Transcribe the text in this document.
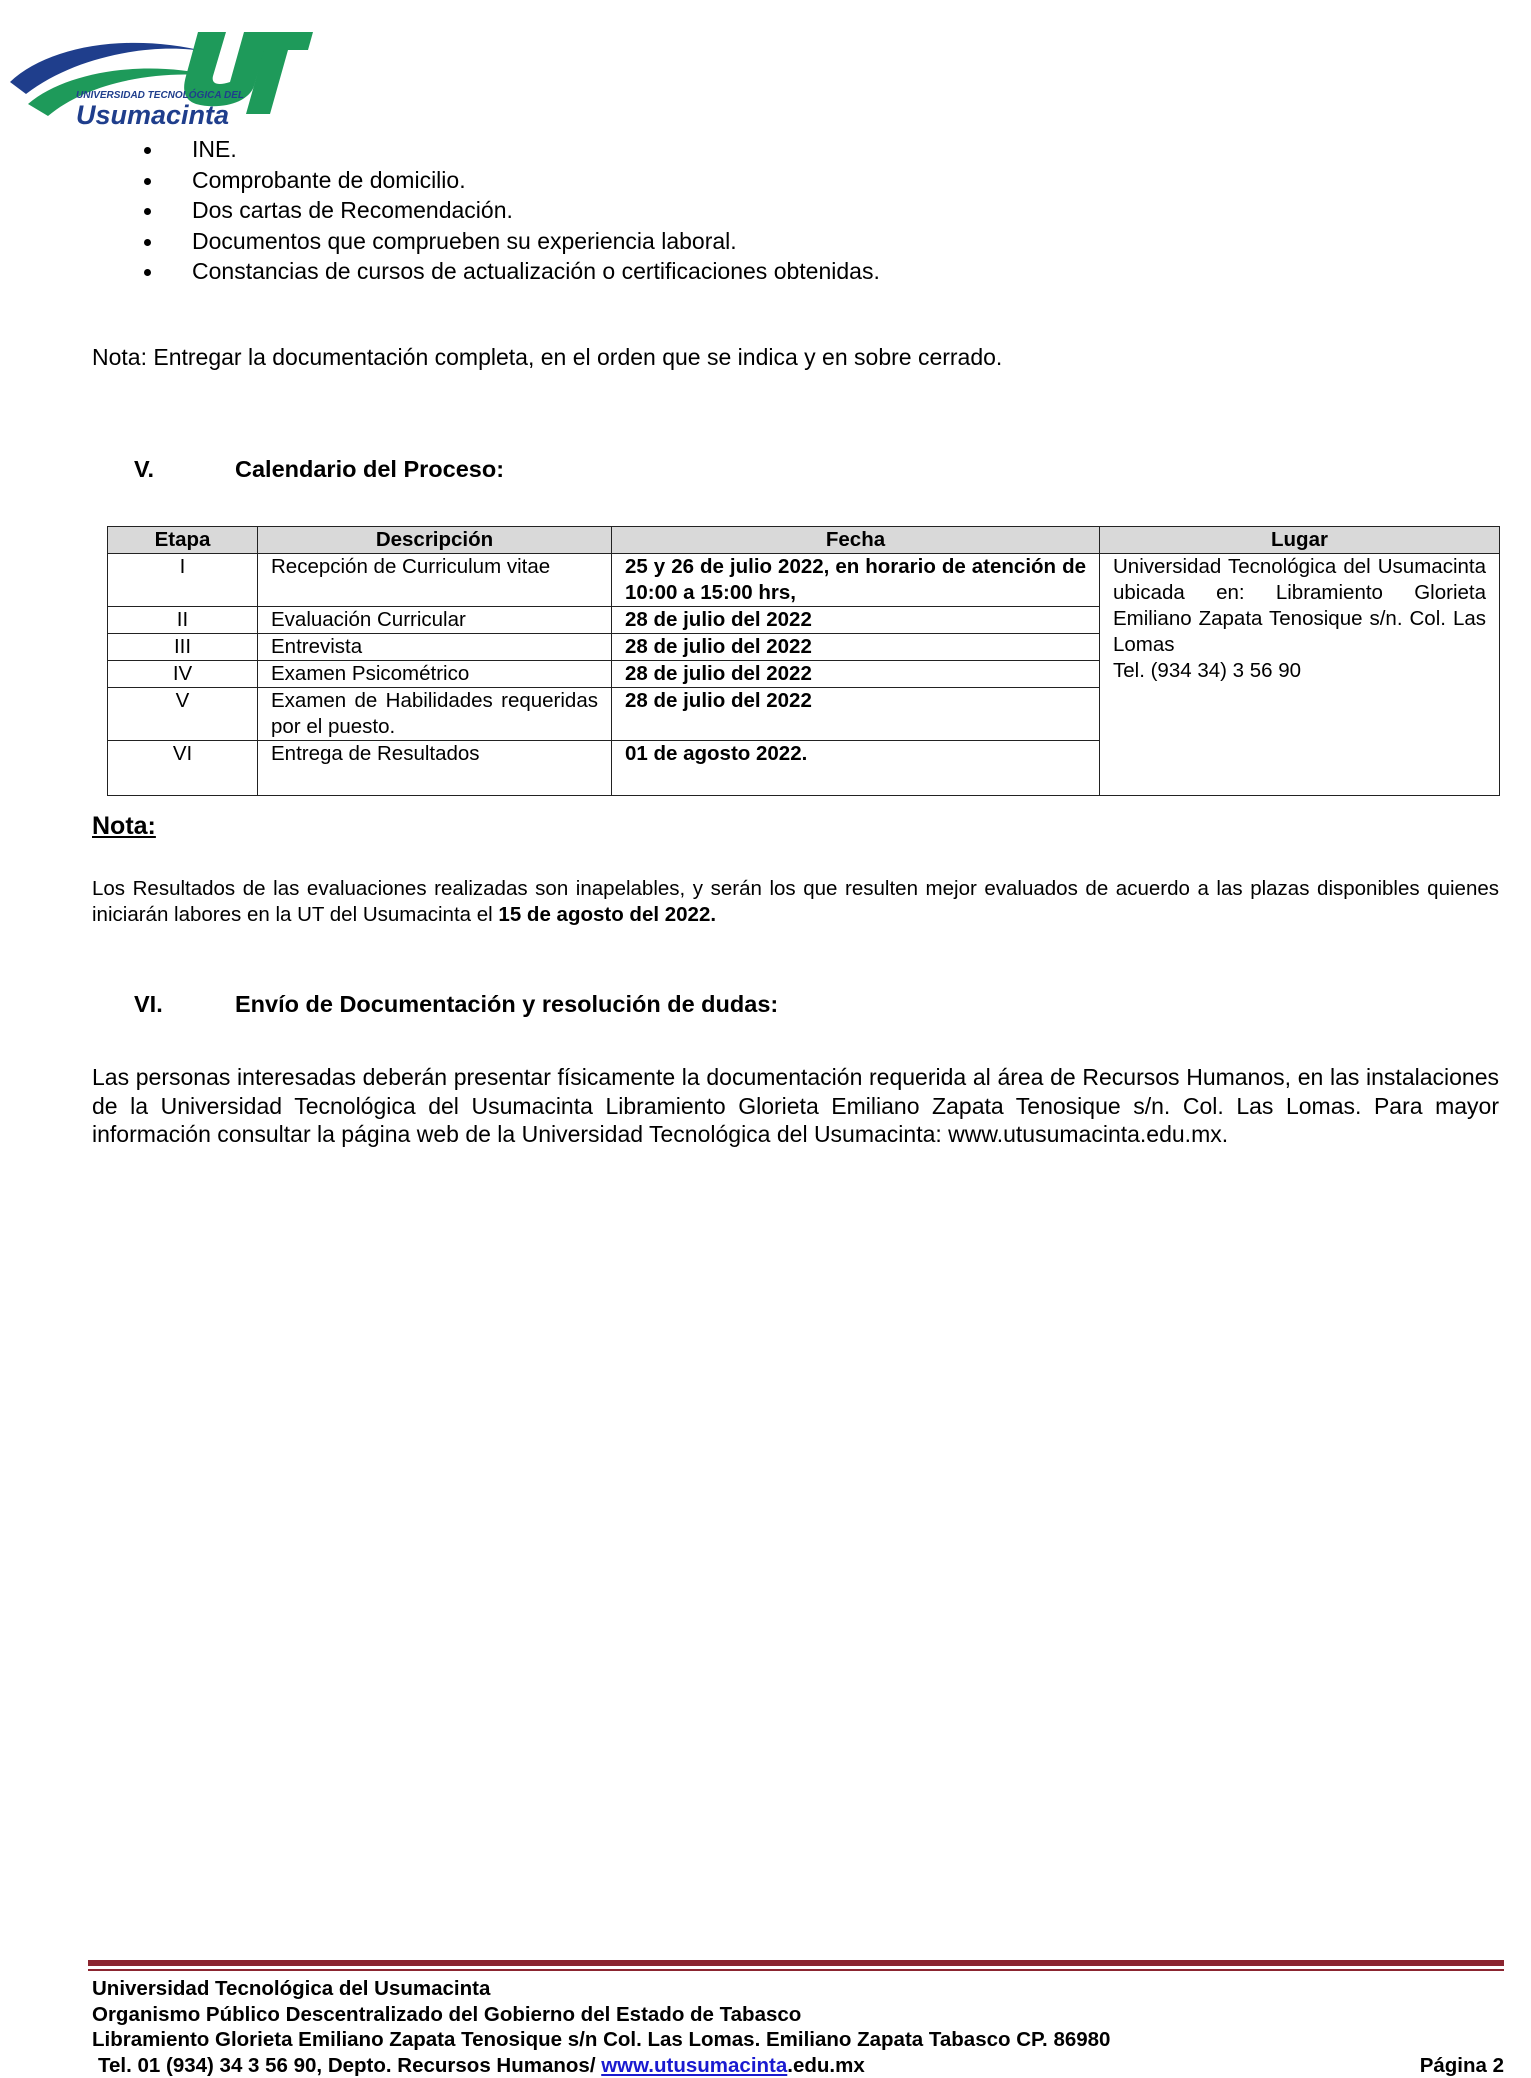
UNIVERSIDAD TECNOLÓGICA DEL
Usumacinta
INE.
Comprobante de domicilio.
Dos cartas de Recomendación.
Documentos que comprueben su experiencia laboral.
Constancias de cursos de actualización o certificaciones obtenidas.
Nota: Entregar la documentación completa, en el orden que se indica y en sobre cerrado.
V.	Calendario del Proceso:
Etapa	Descripción	Fecha	Lugar
I	Recepción de Curriculum vitae	25 y 26 de julio 2022, en horario de atención de 10:00 a 15:00 hrs,	Universidad Tecnológica del Usumacinta ubicada en: Libramiento Glorieta Emiliano Zapata Tenosique s/n. Col. Las Lomas
Tel. (934 34) 3 56 90

II	Evaluación Curricular	28 de julio del 2022	
III	Entrevista	28 de julio del 2022	
IV	Examen Psicométrico	28 de julio del 2022	
V	Examen de Habilidades requeridas por el puesto.	28 de julio del 2022	
VI	Entrega de Resultados	01 de agosto 2022.	
Nota:
Los Resultados de las evaluaciones realizadas son inapelables, y serán los que resulten mejor evaluados de acuerdo a las plazas disponibles quienes iniciarán labores en la UT del Usumacinta el 15 de agosto del 2022.
VI.	Envío de Documentación y resolución de dudas:
Las personas interesadas deberán presentar físicamente la documentación requerida al área de Recursos Humanos, en las instalaciones de la Universidad Tecnológica del Usumacinta Libramiento Glorieta Emiliano Zapata Tenosique s/n. Col. Las Lomas. Para mayor información consultar la página web de la Universidad Tecnológica del Usumacinta: www.utusumacinta.edu.mx.
Universidad Tecnológica del Usumacinta
Organismo Público Descentralizado del Gobierno del Estado de Tabasco
Libramiento Glorieta Emiliano Zapata Tenosique s/n Col. Las Lomas. Emiliano Zapata Tabasco CP. 86980
Tel. 01 (934) 34 3 56 90, Depto. Recursos Humanos/ www.utusumacinta.edu.mx	Página 2
